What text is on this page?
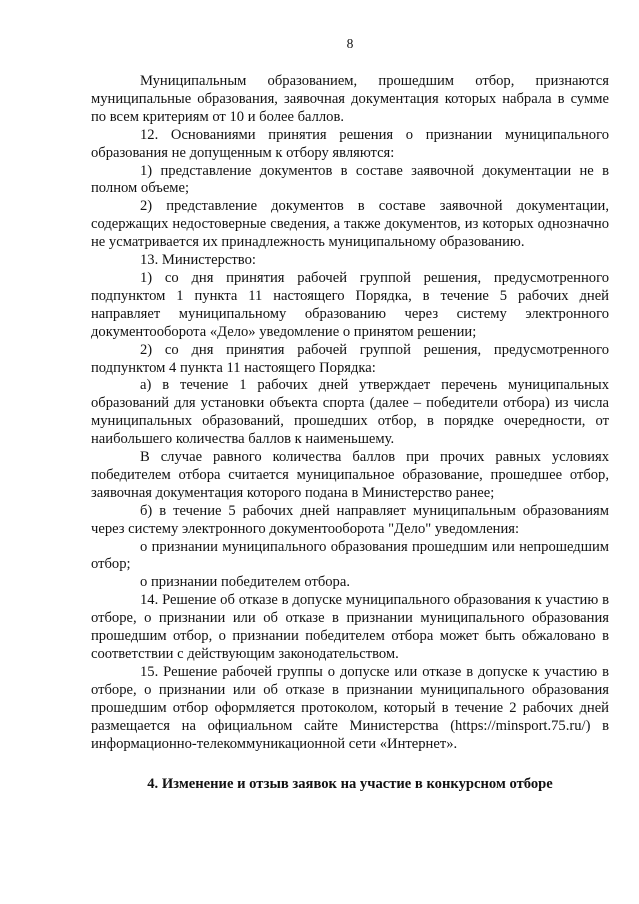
8

Муниципальным образованием, прошедшим отбор, признаются муниципальные образования, заявочная документация которых набрала в сумме по всем критериям от 10 и более баллов.

12. Основаниями принятия решения о признании муниципального образования не допущенным к отбору являются:

1) представление документов в составе заявочной документации не в полном объеме;

2) представление документов в составе заявочной документации, содержащих недостоверные сведения, а также документов, из которых однозначно не усматривается их принадлежность муниципальному образованию.

13. Министерство:

1) со дня принятия рабочей группой решения, предусмотренного подпунктом 1 пункта 11 настоящего Порядка, в течение 5 рабочих дней направляет муниципальному образованию через систему электронного документооборота «Дело» уведомление о принятом решении;

2) со дня принятия рабочей группой решения, предусмотренного подпунктом 4 пункта 11 настоящего Порядка:

а) в течение 1 рабочих дней утверждает перечень муниципальных образований для установки объекта спорта (далее – победители отбора) из числа муниципальных образований, прошедших отбор, в порядке очередности, от наибольшего количества баллов к наименьшему.

В случае равного количества баллов при прочих равных условиях победителем отбора считается муниципальное образование, прошедшее отбор, заявочная документация которого подана в Министерство ранее;

б) в течение 5 рабочих дней направляет муниципальным образованиям через систему электронного документооборота "Дело" уведомления:

о признании муниципального образования прошедшим или непрошедшим отбор;

о признании победителем отбора.

14. Решение об отказе в допуске муниципального образования к участию в отборе, о признании или об отказе в признании муниципального образования прошедшим отбор, о признании победителем отбора может быть обжаловано в соответствии с действующим законодательством.

15. Решение рабочей группы о допуске или отказе в допуске к участию в отборе, о признании или об отказе в признании муниципального образования прошедшим отбор оформляется протоколом, который в течение 2 рабочих дней размещается на официальном сайте Министерства (https://minsport.75.ru/) в информационно-телекоммуникационной сети «Интернет».

4. Изменение и отзыв заявок на участие в конкурсном отборе
